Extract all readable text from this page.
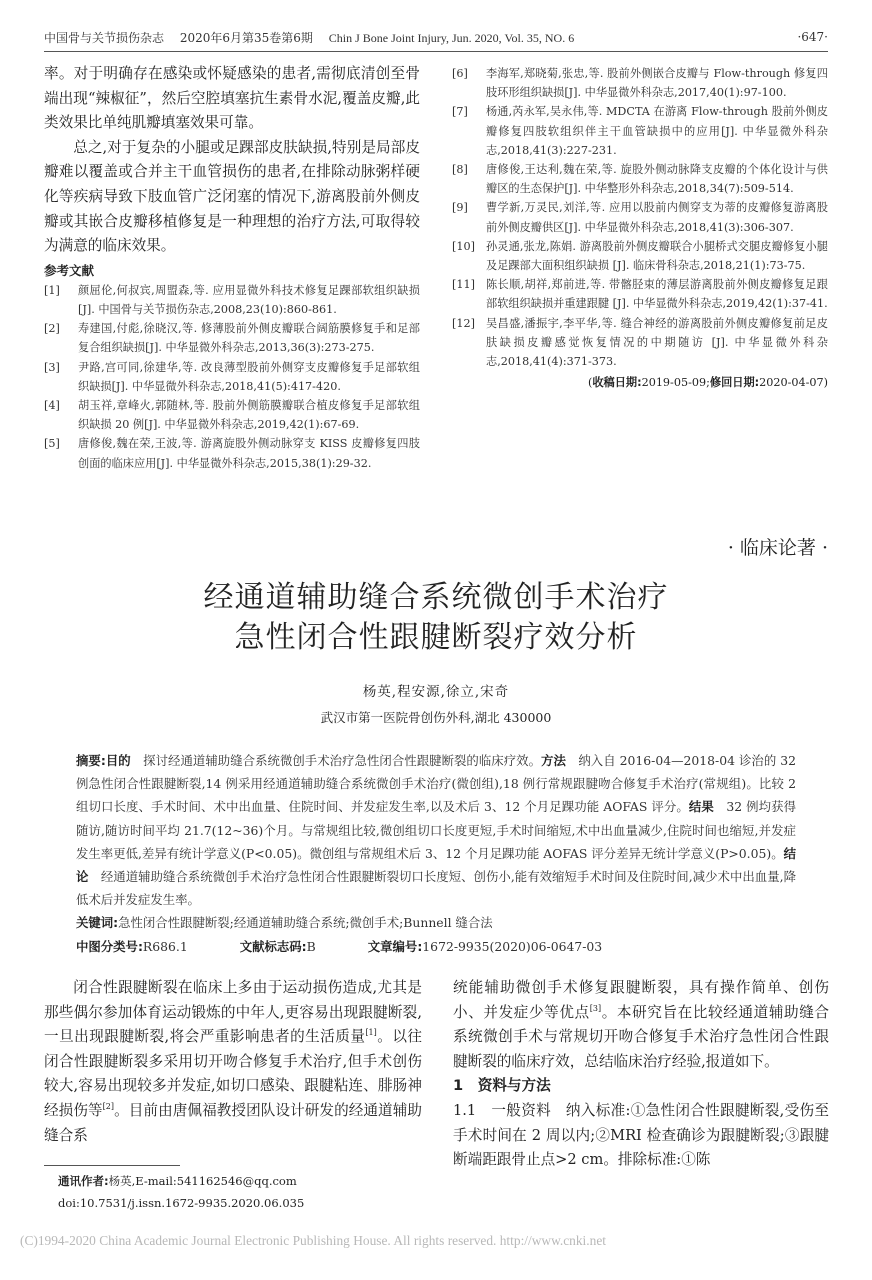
中国骨与关节损伤杂志 2020年6月第35卷第6期 Chin J Bone Joint Injury, Jun. 2020, Vol. 35, NO. 6	·647·

率。对于明确存在感染或怀疑感染的患者,需彻底清创至骨端出现“辣椒征”，然后空腔填塞抗生素骨水泥,覆盖皮瓣,此类效果比单纯肌瓣填塞效果可靠。

总之,对于复杂的小腿或足踝部皮肤缺损,特别是局部皮瓣难以覆盖或合并主干血管损伤的患者,在排除动脉粥样硬化等疾病导致下肢血管广泛闭塞的情况下,游离股前外侧皮瓣或其嵌合皮瓣移植修复是一种理想的治疗方法,可取得较为满意的临床效果。

参考文献
[1]	颜屈伦,何叔宾,周盟森,等. 应用显微外科技术修复足踝部软组织缺损[J]. 中国骨与关节损伤杂志,2008,23(10):860-861.
[2]	寿建国,付彪,徐晓汉,等. 修薄股前外侧皮瓣联合阔筋膜修复手和足部复合组织缺损[J]. 中华显微外科杂志,2013,36(3):273-275.
[3]	尹路,宫可同,徐建华,等. 改良薄型股前外侧穿支皮瓣修复手足部软组织缺损[J]. 中华显微外科杂志,2018,41(5):417-420.
[4]	胡玉祥,章峰火,郭随林,等. 股前外侧筋膜瓣联合植皮修复手足部软组织缺损 20 例[J]. 中华显微外科杂志,2019,42(1):67-69.
[5]	唐修俊,魏在荣,王波,等. 游离旋股外侧动脉穿支 KISS 皮瓣修复四肢创面的临床应用[J]. 中华显微外科杂志,2015,38(1):29-32.
[6]	李海军,郑晓菊,张忠,等. 股前外侧嵌合皮瓣与 Flow-through 修复四肢环形组织缺损[J]. 中华显微外科杂志,2017,40(1):97-100.
[7]	杨通,芮永军,吴永伟,等. MDCTA 在游离 Flow-through 股前外侧皮瓣修复四肢软组织伴主干血管缺损中的应用[J]. 中华显微外科杂志,2018,41(3):227-231.
[8]	唐修俊,王达利,魏在荣,等. 旋股外侧动脉降支皮瓣的个体化设计与供瓣区的生态保护[J]. 中华整形外科杂志,2018,34(7):509-514.
[9]	曹学新,万灵民,刘洋,等. 应用以股前内侧穿支为蒂的皮瓣修复游离股前外侧皮瓣供区[J]. 中华显微外科杂志,2018,41(3):306-307.
[10] 孙灵通,张龙,陈娟. 游离股前外侧皮瓣联合小腿桥式交腿皮瓣修复小腿及足踝部大面积组织缺损 [J]. 临床骨科杂志,2018,21(1):73-75.
[11] 陈长顺,胡祥,郑前进,等. 带髂胫束的薄层游离股前外侧皮瓣修复足跟部软组织缺损并重建跟腱 [J]. 中华显微外科杂志,2019,42(1):37-41.
[12] 吴昌盛,潘振宇,李平华,等. 缝合神经的游离股前外侧皮瓣修复前足皮肤缺损皮瓣感觉恢复情况的中期随访 [J]. 中华显微外科杂志,2018,41(4):371-373.
(收稿日期:2019-05-09;修回日期:2020-04-07)
· 临床论著 ·
经通道辅助缝合系统微创手术治疗
急性闭合性跟腱断裂疗效分析
杨英,程安源,徐立,宋奇
武汉市第一医院骨创伤外科,湖北 430000
摘要:目的  探讨经通道辅助缝合系统微创手术治疗急性闭合性跟腱断裂的临床疗效。方法  纳入自 2016-04—2018-04 诊治的 32 例急性闭合性跟腱断裂,14 例采用经通道辅助缝合系统微创手术治疗(微创组),18 例行常规跟腱吻合修复手术治疗(常规组)。比较 2 组切口长度、手术时间、术中出血量、住院时间、并发症发生率,以及术后 3、12 个月足踝功能 AOFAS 评分。结果  32 例均获得随访,随访时间平均 21.7(12~36)个月。与常规组比较,微创组切口长度更短,手术时间缩短,术中出血量减少,住院时间也缩短,并发症发生率更低,差异有统计学意义(P<0.05)。微创组与常规组术后 3、12 个月足踝功能 AOFAS 评分差异无统计学意义(P>0.05)。结论  经通道辅助缝合系统微创手术治疗急性闭合性跟腱断裂切口长度短、创伤小,能有效缩短手术时间及住院时间,减少术中出血量,降低术后并发症发生率。
关键词:急性闭合性跟腱断裂;经通道辅助缝合系统;微创手术;Bunnell 缝合法
中图分类号:R686.1	文献标志码:B	文章编号:1672-9935(2020)06-0647-03

闭合性跟腱断裂在临床上多由于运动损伤造成,尤其是那些偶尔参加体育运动锻炼的中年人,更容易出现跟腱断裂,一旦出现跟腱断裂,将会严重影响患者的生活质量[1]。以往闭合性跟腱断裂多采用切开吻合修复手术治疗,但手术创伤较大,容易出现较多并发症,如切口感染、跟腱粘连、腓肠神经损伤等[2]。目前由唐佩福教授团队设计研发的经通道辅助缝合系

统能辅助微创手术修复跟腱断裂，具有操作简单、创伤小、并发症少等优点[3]。本研究旨在比较经通道辅助缝合系统微创手术与常规切开吻合修复手术治疗急性闭合性跟腱断裂的临床疗效，总结临床治疗经验,报道如下。

1　资料与方法

1.1　一般资料  纳入标准:①急性闭合性跟腱断裂,受伤至手术时间在 2 周以内;②MRI 检查确诊为跟腱断裂;③跟腱断端距跟骨止点>2 cm。排除标准:①陈

通讯作者:杨英,E-mail:541162546@qq.com
doi:10.7531/j.issn.1672-9935.2020.06.035
(C)1994-2020 China Academic Journal Electronic Publishing House. All rights reserved. http://www.cnki.net
